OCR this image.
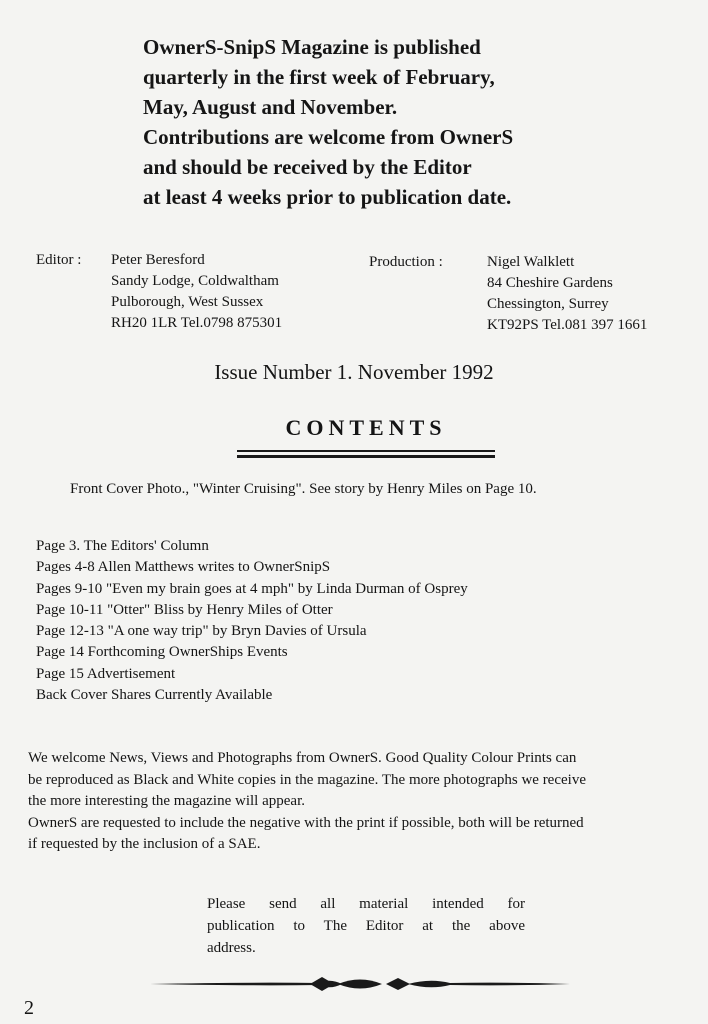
OwnerS-SnipS Magazine is published
quarterly in the first week of February,
May, August and November.
Contributions are welcome from OwnerS
and should be received by the Editor
at least 4 weeks prior to publication date.
Editor : Peter Beresford
Sandy Lodge, Coldwaltham
Pulborough, West Sussex
RH20 1LR Tel.0798 875301
Production :	Nigel Walklett
84 Cheshire Gardens
Chessington, Surrey
KT92PS Tel.081 397 1661
Issue Number 1. November 1992
CONTENTS
Front Cover Photo., "Winter Cruising". See story by Henry Miles on Page 10.
Page 3. The Editors' Column
Pages 4-8 Allen Matthews writes to OwnerSnipS
Pages 9-10 "Even my brain goes at 4 mph" by Linda Durman of Osprey
Page 10-11 "Otter" Bliss by Henry Miles of Otter
Page 12-13 "A one way trip" by Bryn Davies of Ursula
Page 14 Forthcoming OwnerShips Events
Page 15 Advertisement
Back Cover Shares Currently Available
We welcome News, Views and Photographs from OwnerS. Good Quality Colour Prints can
be reproduced as Black and White copies in the magazine. The more photographs we receive
the more interesting the magazine will appear.
OwnerS are requested to include the negative with the print if possible, both will be returned
if requested by the inclusion of a SAE.
Please send all material intended for
publication to The Editor at the above
address.
2
